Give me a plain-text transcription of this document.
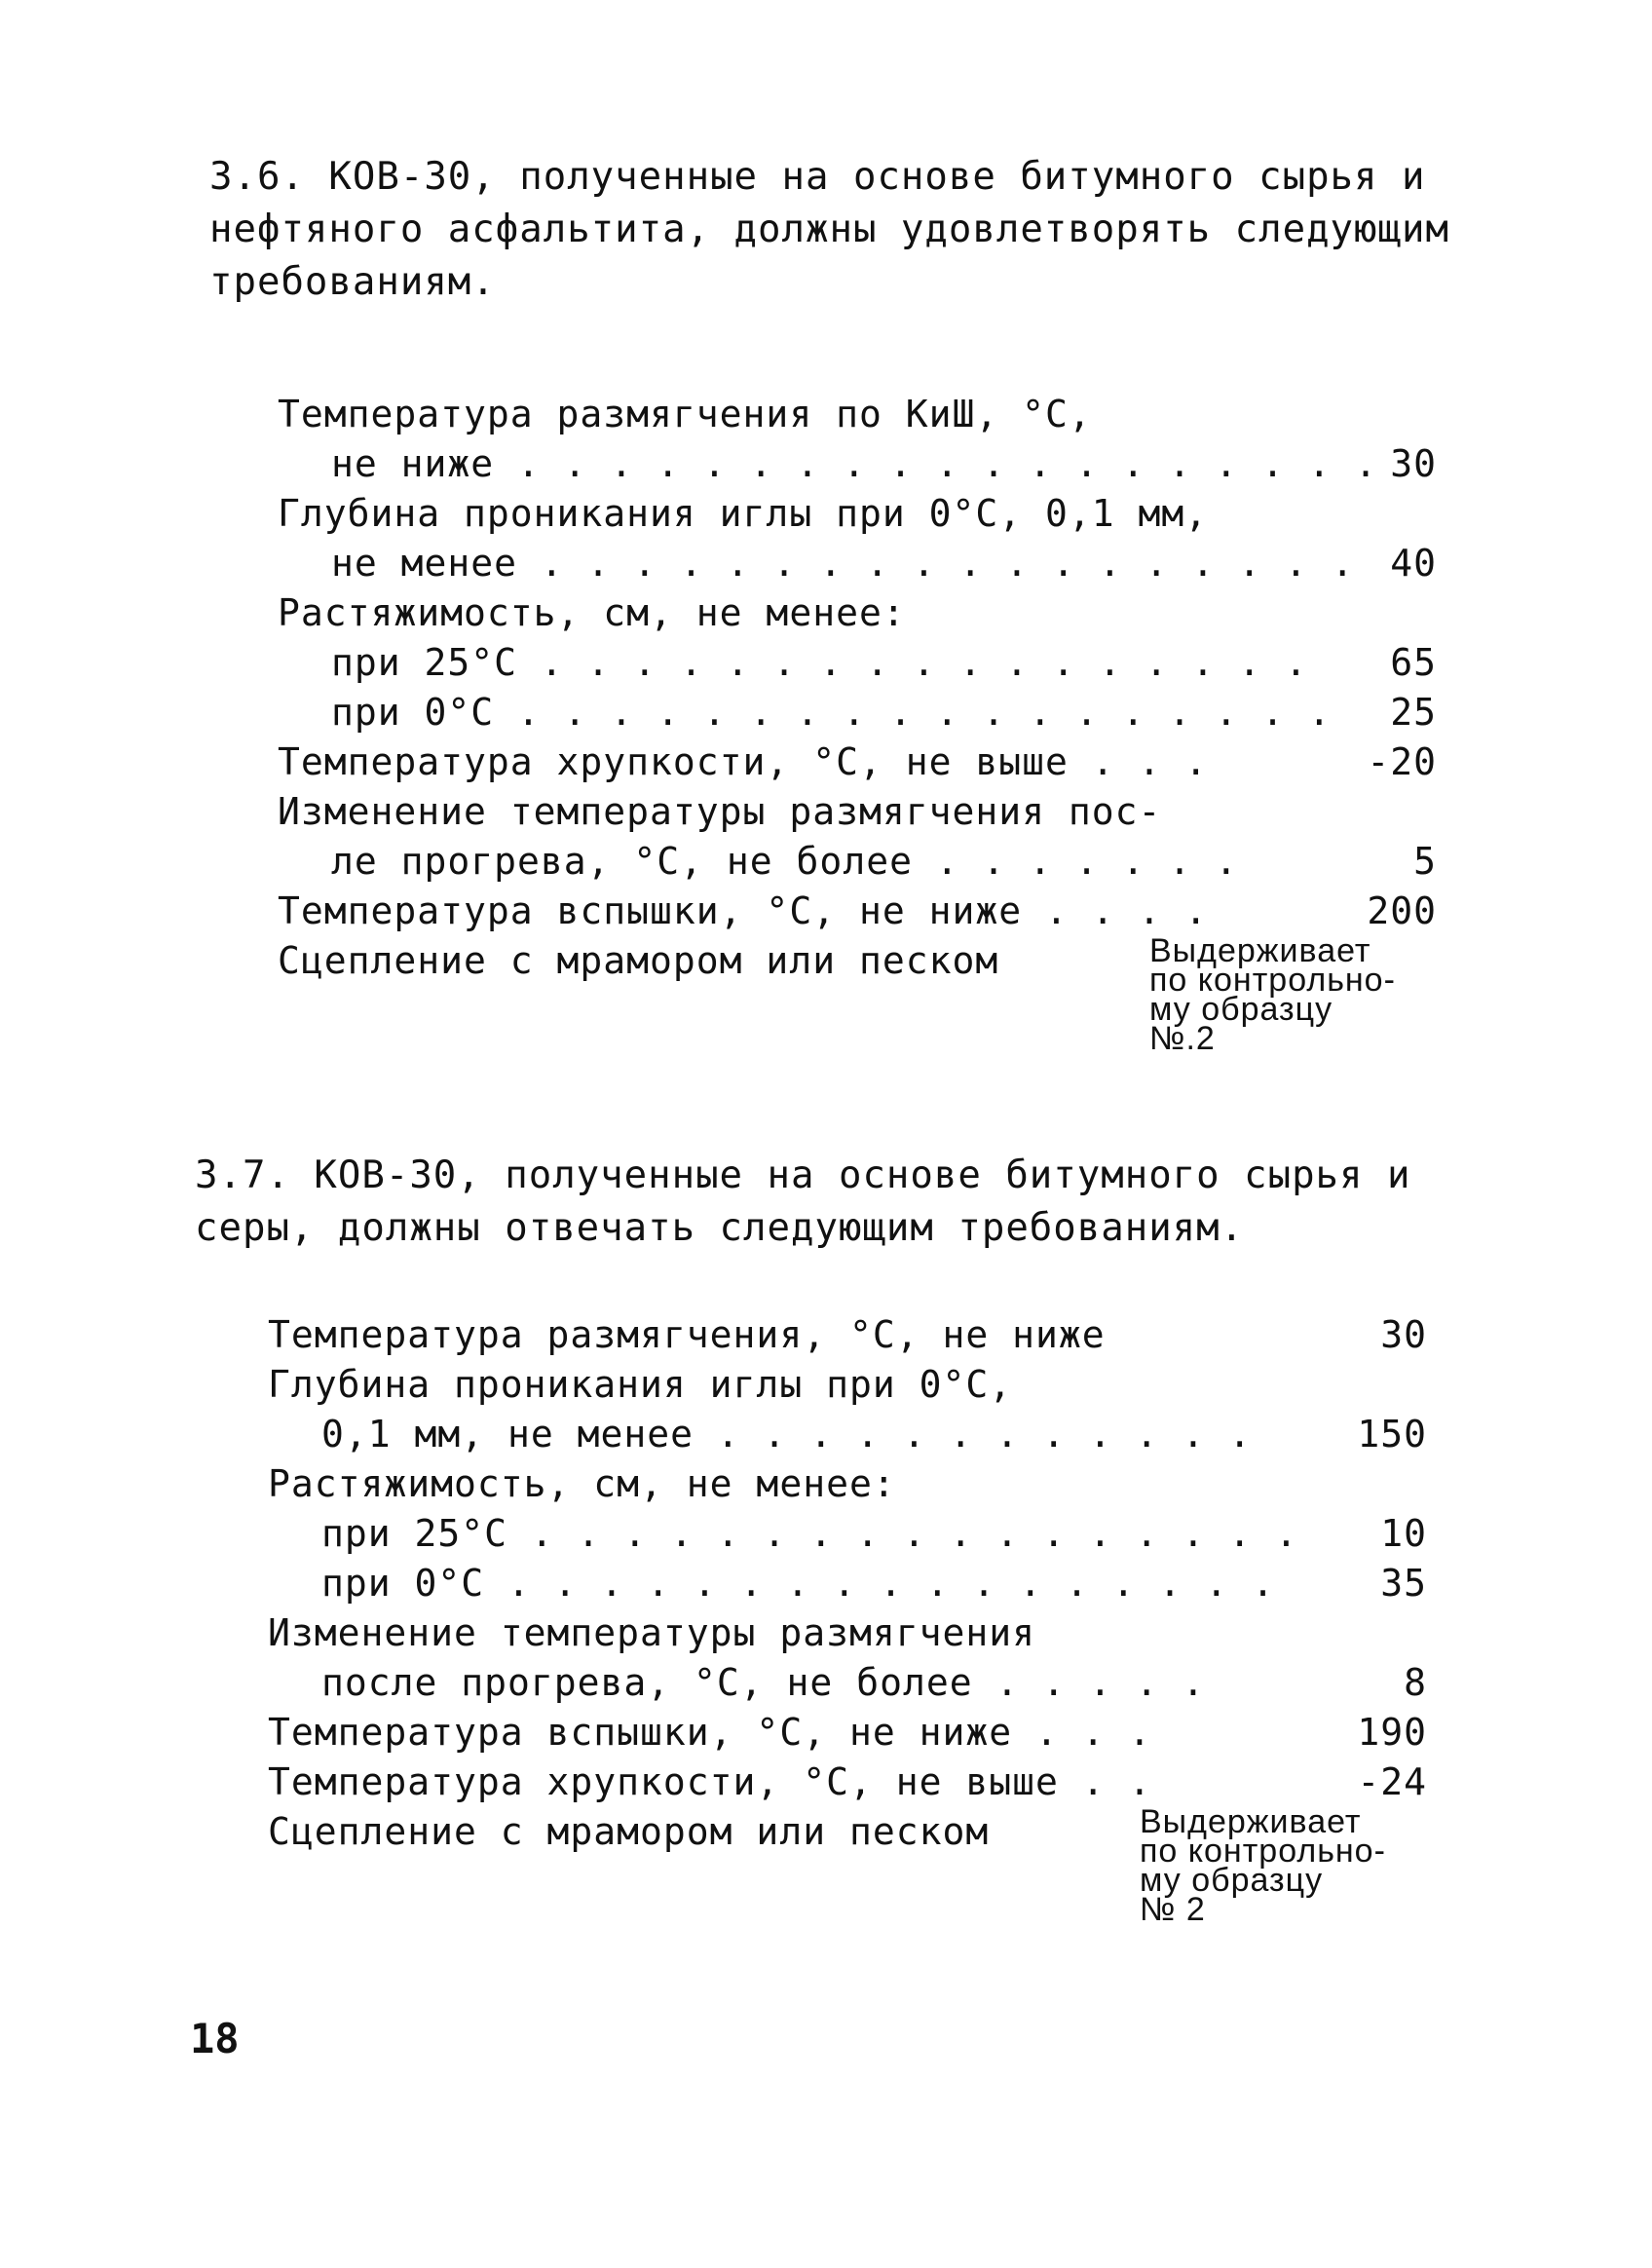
3.6. КОВ-30, полученные на основе битумного сырья и нефтяного асфальтита, должны удовлетворять следующим требованиям.

Температура размягчения по КиШ, °С,
не ниже . . . . . . . . . . . . . . . . . . . 30
Глубина проникания иглы при 0°С, 0,1 мм,
не менее . . . . . . . . . . . . . . . . . . 40
Растяжимость, см, не менее:
при 25°С . . . . . . . . . . . . . . . . .	65
при 0°С . . . . . . . . . . . . . . . . . .	25
Температура хрупкости, °С, не выше . . .	-20
Изменение температуры размягчения пос-
ле прогрева, °С, не более . . . . . . .	5
Температура вспышки, °С, не ниже . . . .	200
Сцепление с мрамором или песком	Выдерживает
по контрольно-
му образцу
№.2

3.7. КОВ-30, полученные на основе битумного сырья и серы, должны отвечать следующим требованиям.

Температура размягчения, °С, не ниже	30
Глубина проникания иглы при 0°С,
0,1 мм, не менее . . . . . . . . . . . .	150
Растяжимость, см, не менее:
при 25°С . . . . . . . . . . . . . . . . .	10
при 0°С . . . . . . . . . . . . . . . . .	35
Изменение температуры размягчения
после прогрева, °С, не более . . . . .	8
Температура вспышки, °С, не ниже . . .	190
Температура хрупкости, °С, не выше . .	-24
Сцепление с мрамором или песком	Выдерживает
по контрольно-
му образцу
№ 2
18
